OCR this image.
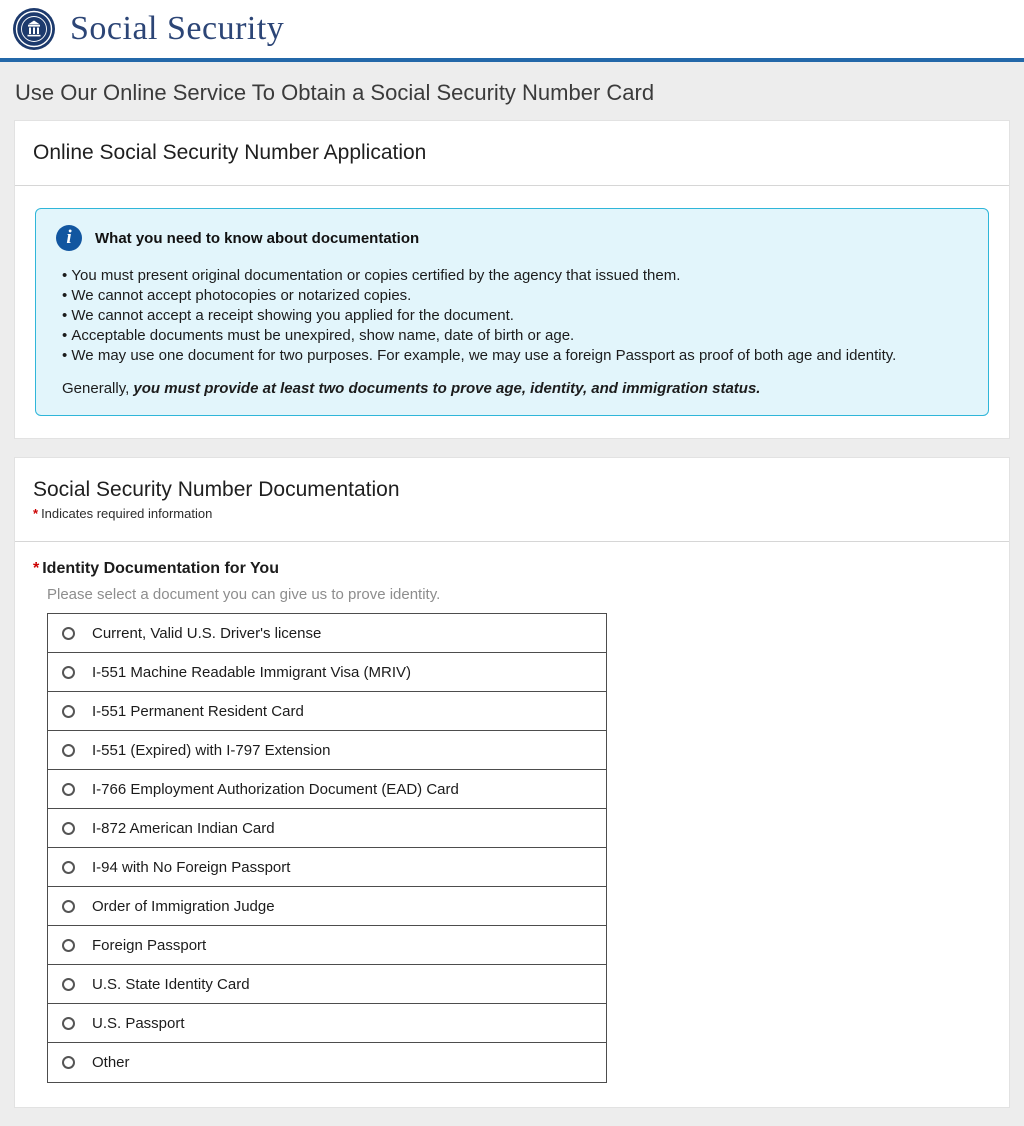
Social Security
Use Our Online Service To Obtain a Social Security Number Card
Online Social Security Number Application
i	What you need to know about documentation
• You must present original documentation or copies certified by the agency that issued them.
• We cannot accept photocopies or notarized copies.
• We cannot accept a receipt showing you applied for the document.
• Acceptable documents must be unexpired, show name, date of birth or age.
• We may use one document for two purposes. For example, we may use a foreign Passport as proof of both age and identity.
Generally, you must provide at least two documents to prove age, identity, and immigration status.
Social Security Number Documentation
* Indicates required information
* Identity Documentation for You
Please select a document you can give us to prove identity.
Current, Valid U.S. Driver's license
I-551 Machine Readable Immigrant Visa (MRIV)
I-551 Permanent Resident Card
I-551 (Expired) with I-797 Extension
I-766 Employment Authorization Document (EAD) Card
I-872 American Indian Card
I-94 with No Foreign Passport
Order of Immigration Judge
Foreign Passport
U.S. State Identity Card
U.S. Passport
Other
